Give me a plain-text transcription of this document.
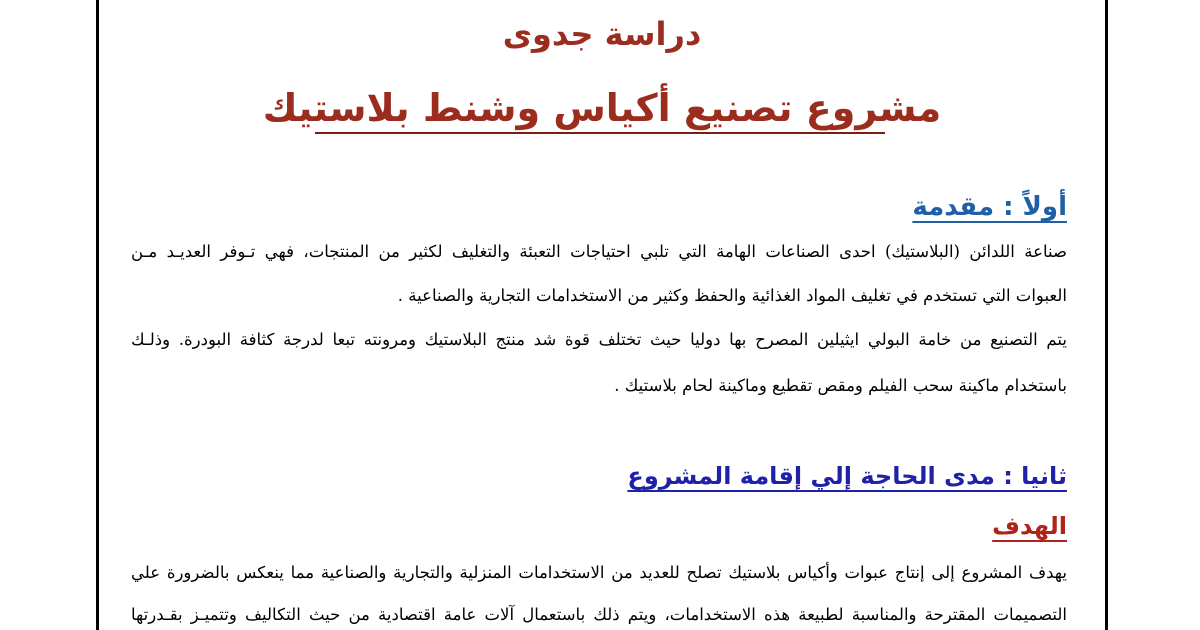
دراسة جدوى
مشروع تصنيع أكياس وشنط بلاستيك
أولاً : مقدمة
صناعة اللدائن (البلاستيك) احدى الصناعات الهامة التي تلبي احتياجات التعبئة والتغليف لكثير من المنتجات، فهي تـوفر العديـد مـن
العبوات التي تستخدم في تغليف المواد الغذائية والحفظ وكثير من الاستخدامات التجارية والصناعية .
يتم التصنيع من خامة البولي ايثيلين المصرح بها دوليا حيث تختلف قوة شد منتج البلاستيك ومرونته تبعا لدرجة كثافة البودرة. وذلـك
باستخدام ماكينة سحب الفيلم ومقص تقطيع وماكينة لحام بلاستيك .
ثانيا : مدى الحاجة إلي إقامة المشروع
الهدف
يهدف المشروع إلى إنتاج عبوات وأكياس بلاستيك تصلح للعديد من الاستخدامات المنزلية والتجارية والصناعية مما ينعكس بالضرورة علي
التصميمات المقترحة والمناسبة لطبيعة هذه الاستخدامات، ويتم ذلك باستعمال آلات عامة اقتصادية من حيث التكاليف وتتميـز بقـدرتها
